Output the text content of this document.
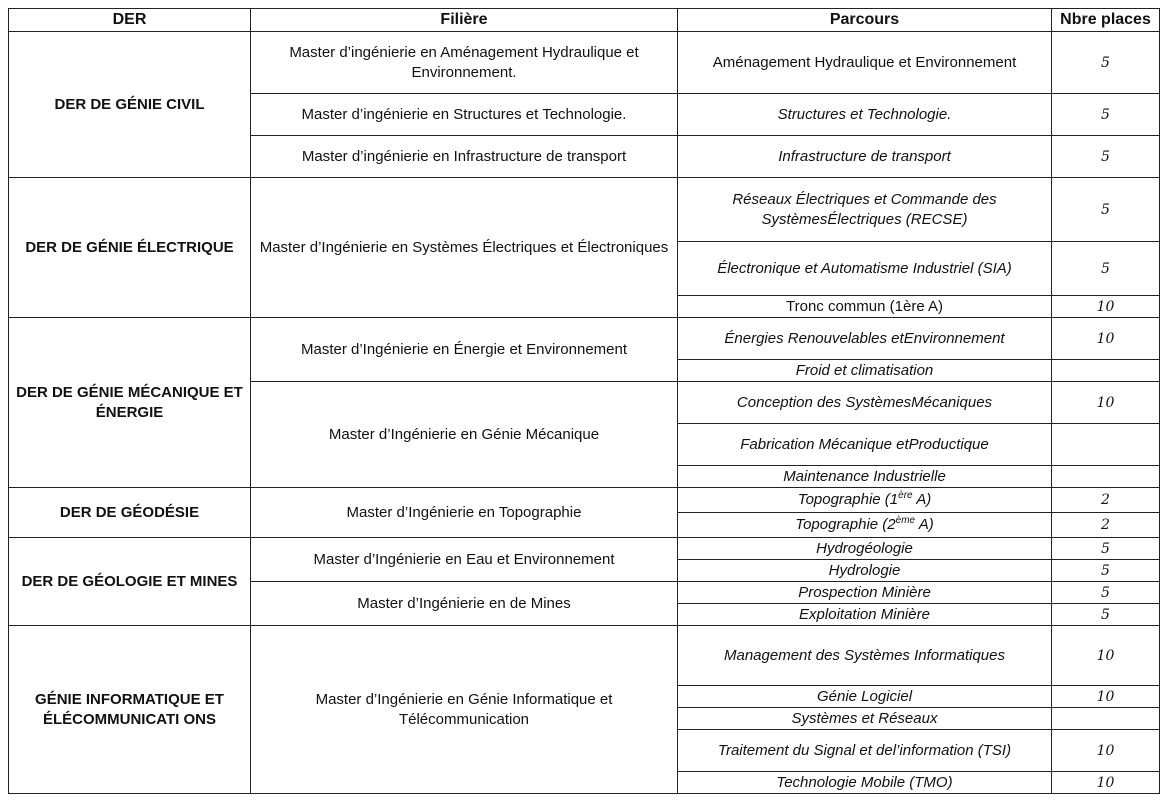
DER	Filière	Parcours	Nbre places
DER DE GÉNIE CIVIL	Master d’ingénierie en Aménagement Hydraulique et Environnement.	Aménagement Hydraulique et Environnement	5
	Master d’ingénierie en Structures et Technologie.	Structures et Technologie.	5
	Master d’ingénierie en Infrastructure de transport	Infrastructure de transport	5
DER DE GÉNIE ÉLECTRIQUE	Master d’Ingénierie en Systèmes Électriques et Électroniques	Réseaux Électriques et Commande des SystèmesÉlectriques (RECSE)	5
		Électronique et Automatisme Industriel (SIA)	5
		Tronc commun (1ère A)	10
DER DE GÉNIE MÉCANIQUE ET ÉNERGIE	Master d’Ingénierie en Énergie et Environnement	Énergies Renouvelables etEnvironnement	10
		Froid et climatisation	
	Master d’Ingénierie en Génie Mécanique	Conception des SystèmesMécaniques	10
		Fabrication Mécanique etProductique	
		Maintenance Industrielle	
DER DE GÉODÉSIE	Master d’Ingénierie en Topographie	Topographie (1ère A)	2
		Topographie (2ème A)	2
DER DE GÉOLOGIE ET MINES	Master d’Ingénierie en Eau et Environnement	Hydrogéologie	5
		Hydrologie	5
	Master d’Ingénierie en de Mines	Prospection Minière	5
		Exploitation Minière	5
GÉNIE INFORMATIQUE ET ÉLÉCOMMUNICATI ONS	Master d’Ingénierie en Génie Informatique et Télécommunication	Management des Systèmes Informatiques	10
		Génie Logiciel	10
		Systèmes et Réseaux	
		Traitement du Signal et del’information (TSI)	10
		Technologie Mobile (TMO)	10
